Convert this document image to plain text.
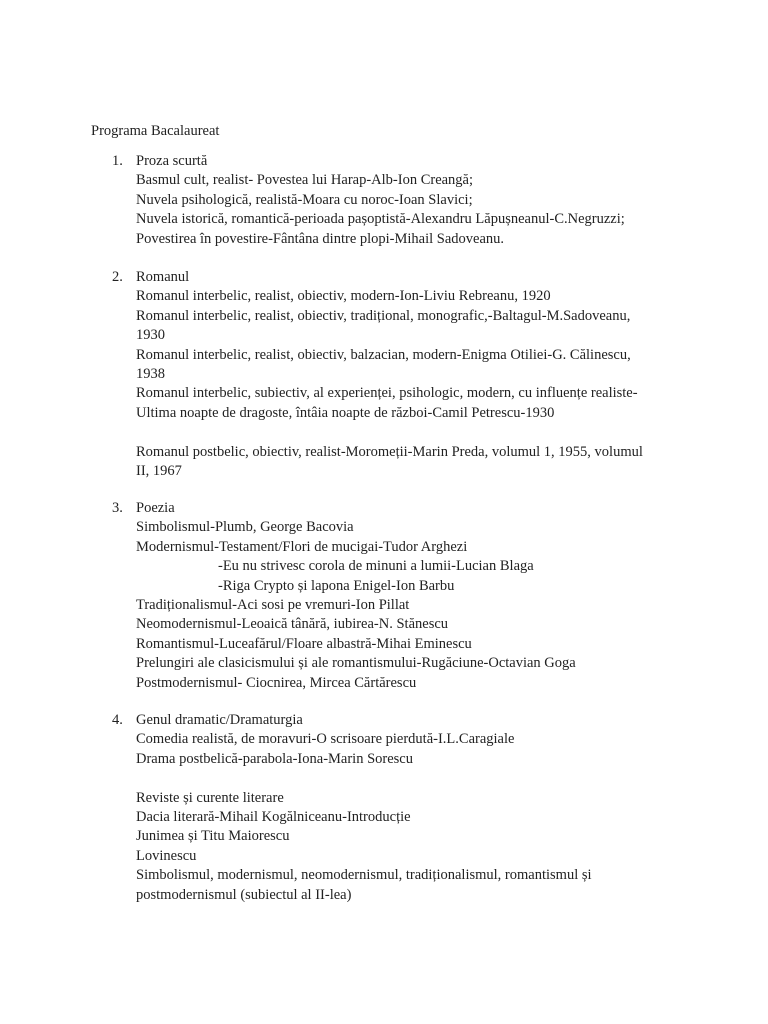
Programa Bacalaureat
1. Proza scurtă
Basmul cult, realist- Povestea lui Harap-Alb-Ion Creangă;
Nuvela psihologică, realistă-Moara cu noroc-Ioan Slavici;
Nuvela istorică, romantică-perioada pașoptistă-Alexandru Lăpușneanul-C.Negruzzi;
Povestirea în povestire-Fântâna dintre plopi-Mihail Sadoveanu.
2. Romanul
Romanul interbelic, realist, obiectiv, modern-Ion-Liviu Rebreanu, 1920
Romanul interbelic, realist, obiectiv, tradițional, monografic,-Baltagul-M.Sadoveanu,
1930
Romanul interbelic, realist, obiectiv, balzacian, modern-Enigma Otiliei-G. Călinescu,
1938
Romanul interbelic, subiectiv, al experienței, psihologic, modern, cu influențe realiste-
Ultima noapte de dragoste, întâia noapte de război-Camil Petrescu-1930
Romanul postbelic, obiectiv, realist-Moromeții-Marin Preda, volumul 1, 1955, volumul
II, 1967
3. Poezia
Simbolismul-Plumb, George Bacovia
Modernismul-Testament/Flori de mucigai-Tudor Arghezi
-Eu nu strivesc corola de minuni a lumii-Lucian Blaga
-Riga Crypto și lapona Enigel-Ion Barbu
Tradiționalismul-Aci sosi pe vremuri-Ion Pillat
Neomodernismul-Leoaică tânără, iubirea-N. Stănescu
Romantismul-Luceafărul/Floare albastră-Mihai Eminescu
Prelungiri ale clasicismului și ale romantismului-Rugăciune-Octavian Goga
Postmodernismul- Ciocnirea, Mircea Cărtărescu
4. Genul dramatic/Dramaturgia
Comedia realistă, de moravuri-O scrisoare pierdută-I.L.Caragiale
Drama postbelică-parabola-Iona-Marin Sorescu
Reviste și curente literare
Dacia literară-Mihail Kogălniceanu-Introducție
Junimea și Titu Maiorescu
Lovinescu
Simbolismul, modernismul, neomodernismul, tradiționalismul, romantismul și
postmodernismul (subiectul al II-lea)
